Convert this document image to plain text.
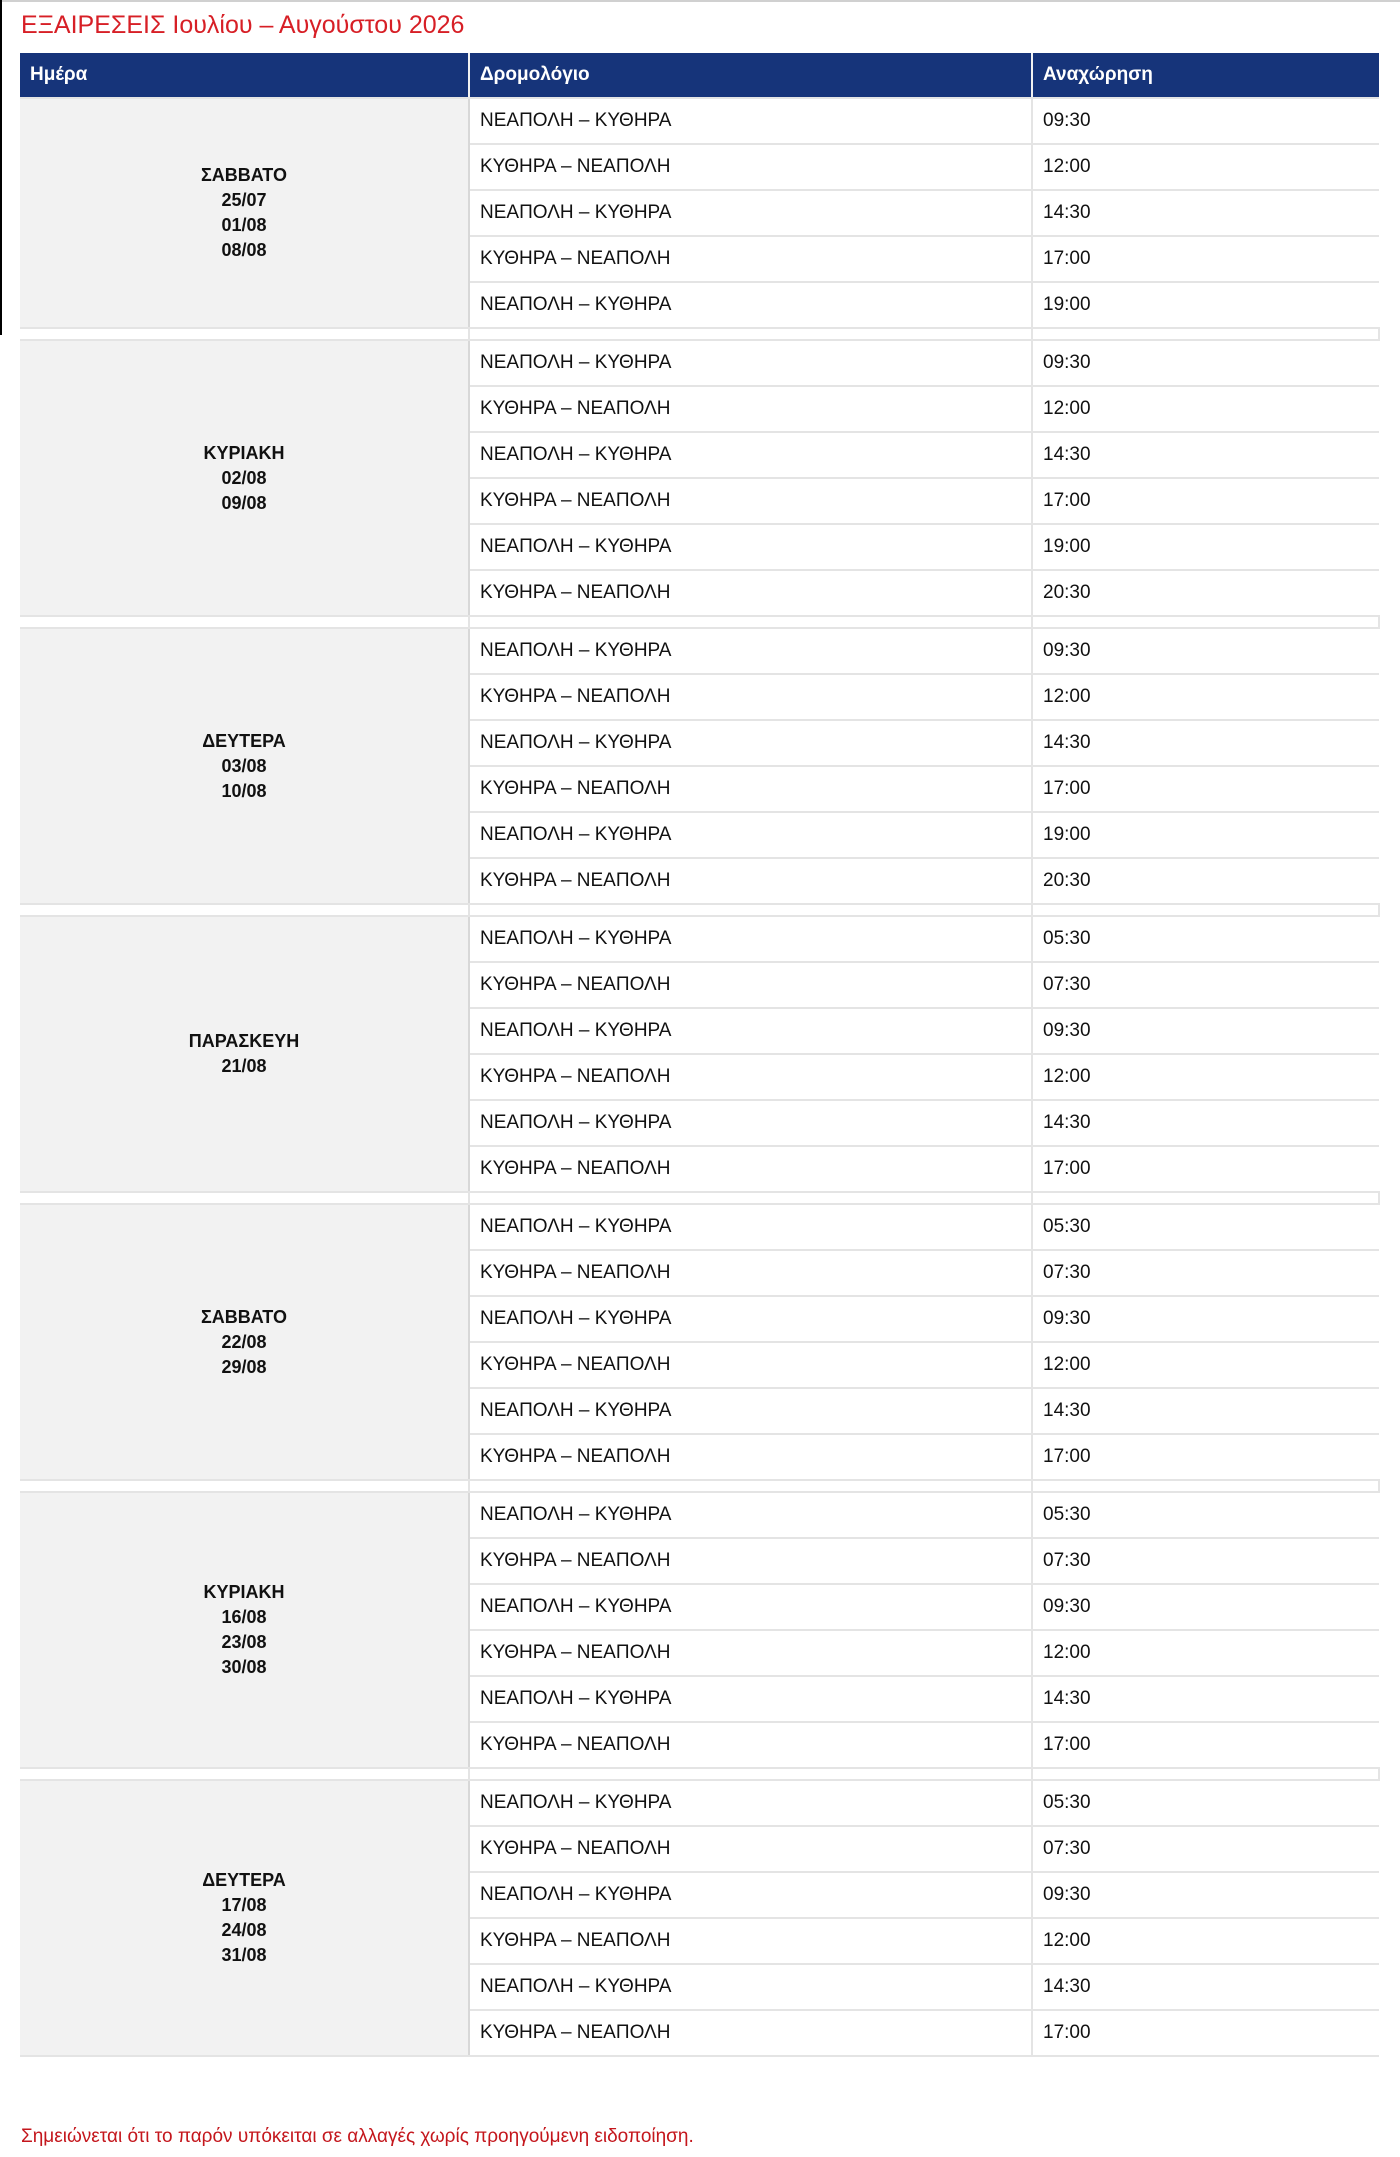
ΕΞΑΙΡΕΣΕΙΣ Ιουλίου – Αυγούστου 2026
Ημέρα	Δρομολόγιο	Αναχώρηση

ΣΑΒΒΑΤΟ
25/07
01/08
08/08	ΝΕΑΠΟΛΗ – ΚΥΘΗΡΑ	09:30
	ΚΥΘΗΡΑ – ΝΕΑΠΟΛΗ	12:00
	ΝΕΑΠΟΛΗ – ΚΥΘΗΡΑ	14:30
	ΚΥΘΗΡΑ – ΝΕΑΠΟΛΗ	17:00
	ΝΕΑΠΟΛΗ – ΚΥΘΗΡΑ	19:00

ΚΥΡΙΑΚΗ
02/08
09/08	ΝΕΑΠΟΛΗ – ΚΥΘΗΡΑ	09:30
	ΚΥΘΗΡΑ – ΝΕΑΠΟΛΗ	12:00
	ΝΕΑΠΟΛΗ – ΚΥΘΗΡΑ	14:30
	ΚΥΘΗΡΑ – ΝΕΑΠΟΛΗ	17:00
	ΝΕΑΠΟΛΗ – ΚΥΘΗΡΑ	19:00
	ΚΥΘΗΡΑ – ΝΕΑΠΟΛΗ	20:30

ΔΕΥΤΕΡΑ
03/08
10/08	ΝΕΑΠΟΛΗ – ΚΥΘΗΡΑ	09:30
	ΚΥΘΗΡΑ – ΝΕΑΠΟΛΗ	12:00
	ΝΕΑΠΟΛΗ – ΚΥΘΗΡΑ	14:30
	ΚΥΘΗΡΑ – ΝΕΑΠΟΛΗ	17:00
	ΝΕΑΠΟΛΗ – ΚΥΘΗΡΑ	19:00
	ΚΥΘΗΡΑ – ΝΕΑΠΟΛΗ	20:30

ΠΑΡΑΣΚΕΥΗ
21/08	ΝΕΑΠΟΛΗ – ΚΥΘΗΡΑ	05:30
	ΚΥΘΗΡΑ – ΝΕΑΠΟΛΗ	07:30
	ΝΕΑΠΟΛΗ – ΚΥΘΗΡΑ	09:30
	ΚΥΘΗΡΑ – ΝΕΑΠΟΛΗ	12:00
	ΝΕΑΠΟΛΗ – ΚΥΘΗΡΑ	14:30
	ΚΥΘΗΡΑ – ΝΕΑΠΟΛΗ	17:00

ΣΑΒΒΑΤΟ
22/08
29/08	ΝΕΑΠΟΛΗ – ΚΥΘΗΡΑ	05:30
	ΚΥΘΗΡΑ – ΝΕΑΠΟΛΗ	07:30
	ΝΕΑΠΟΛΗ – ΚΥΘΗΡΑ	09:30
	ΚΥΘΗΡΑ – ΝΕΑΠΟΛΗ	12:00
	ΝΕΑΠΟΛΗ – ΚΥΘΗΡΑ	14:30
	ΚΥΘΗΡΑ – ΝΕΑΠΟΛΗ	17:00

ΚΥΡΙΑΚΗ
16/08
23/08
30/08	ΝΕΑΠΟΛΗ – ΚΥΘΗΡΑ	05:30
	ΚΥΘΗΡΑ – ΝΕΑΠΟΛΗ	07:30
	ΝΕΑΠΟΛΗ – ΚΥΘΗΡΑ	09:30
	ΚΥΘΗΡΑ – ΝΕΑΠΟΛΗ	12:00
	ΝΕΑΠΟΛΗ – ΚΥΘΗΡΑ	14:30
	ΚΥΘΗΡΑ – ΝΕΑΠΟΛΗ	17:00

ΔΕΥΤΕΡΑ
17/08
24/08
31/08	ΝΕΑΠΟΛΗ – ΚΥΘΗΡΑ	05:30
	ΚΥΘΗΡΑ – ΝΕΑΠΟΛΗ	07:30
	ΝΕΑΠΟΛΗ – ΚΥΘΗΡΑ	09:30
	ΚΥΘΗΡΑ – ΝΕΑΠΟΛΗ	12:00
	ΝΕΑΠΟΛΗ – ΚΥΘΗΡΑ	14:30
	ΚΥΘΗΡΑ – ΝΕΑΠΟΛΗ	17:00
Σημειώνεται ότι το παρόν υπόκειται σε αλλαγές χωρίς προηγούμενη ειδοποίηση.
